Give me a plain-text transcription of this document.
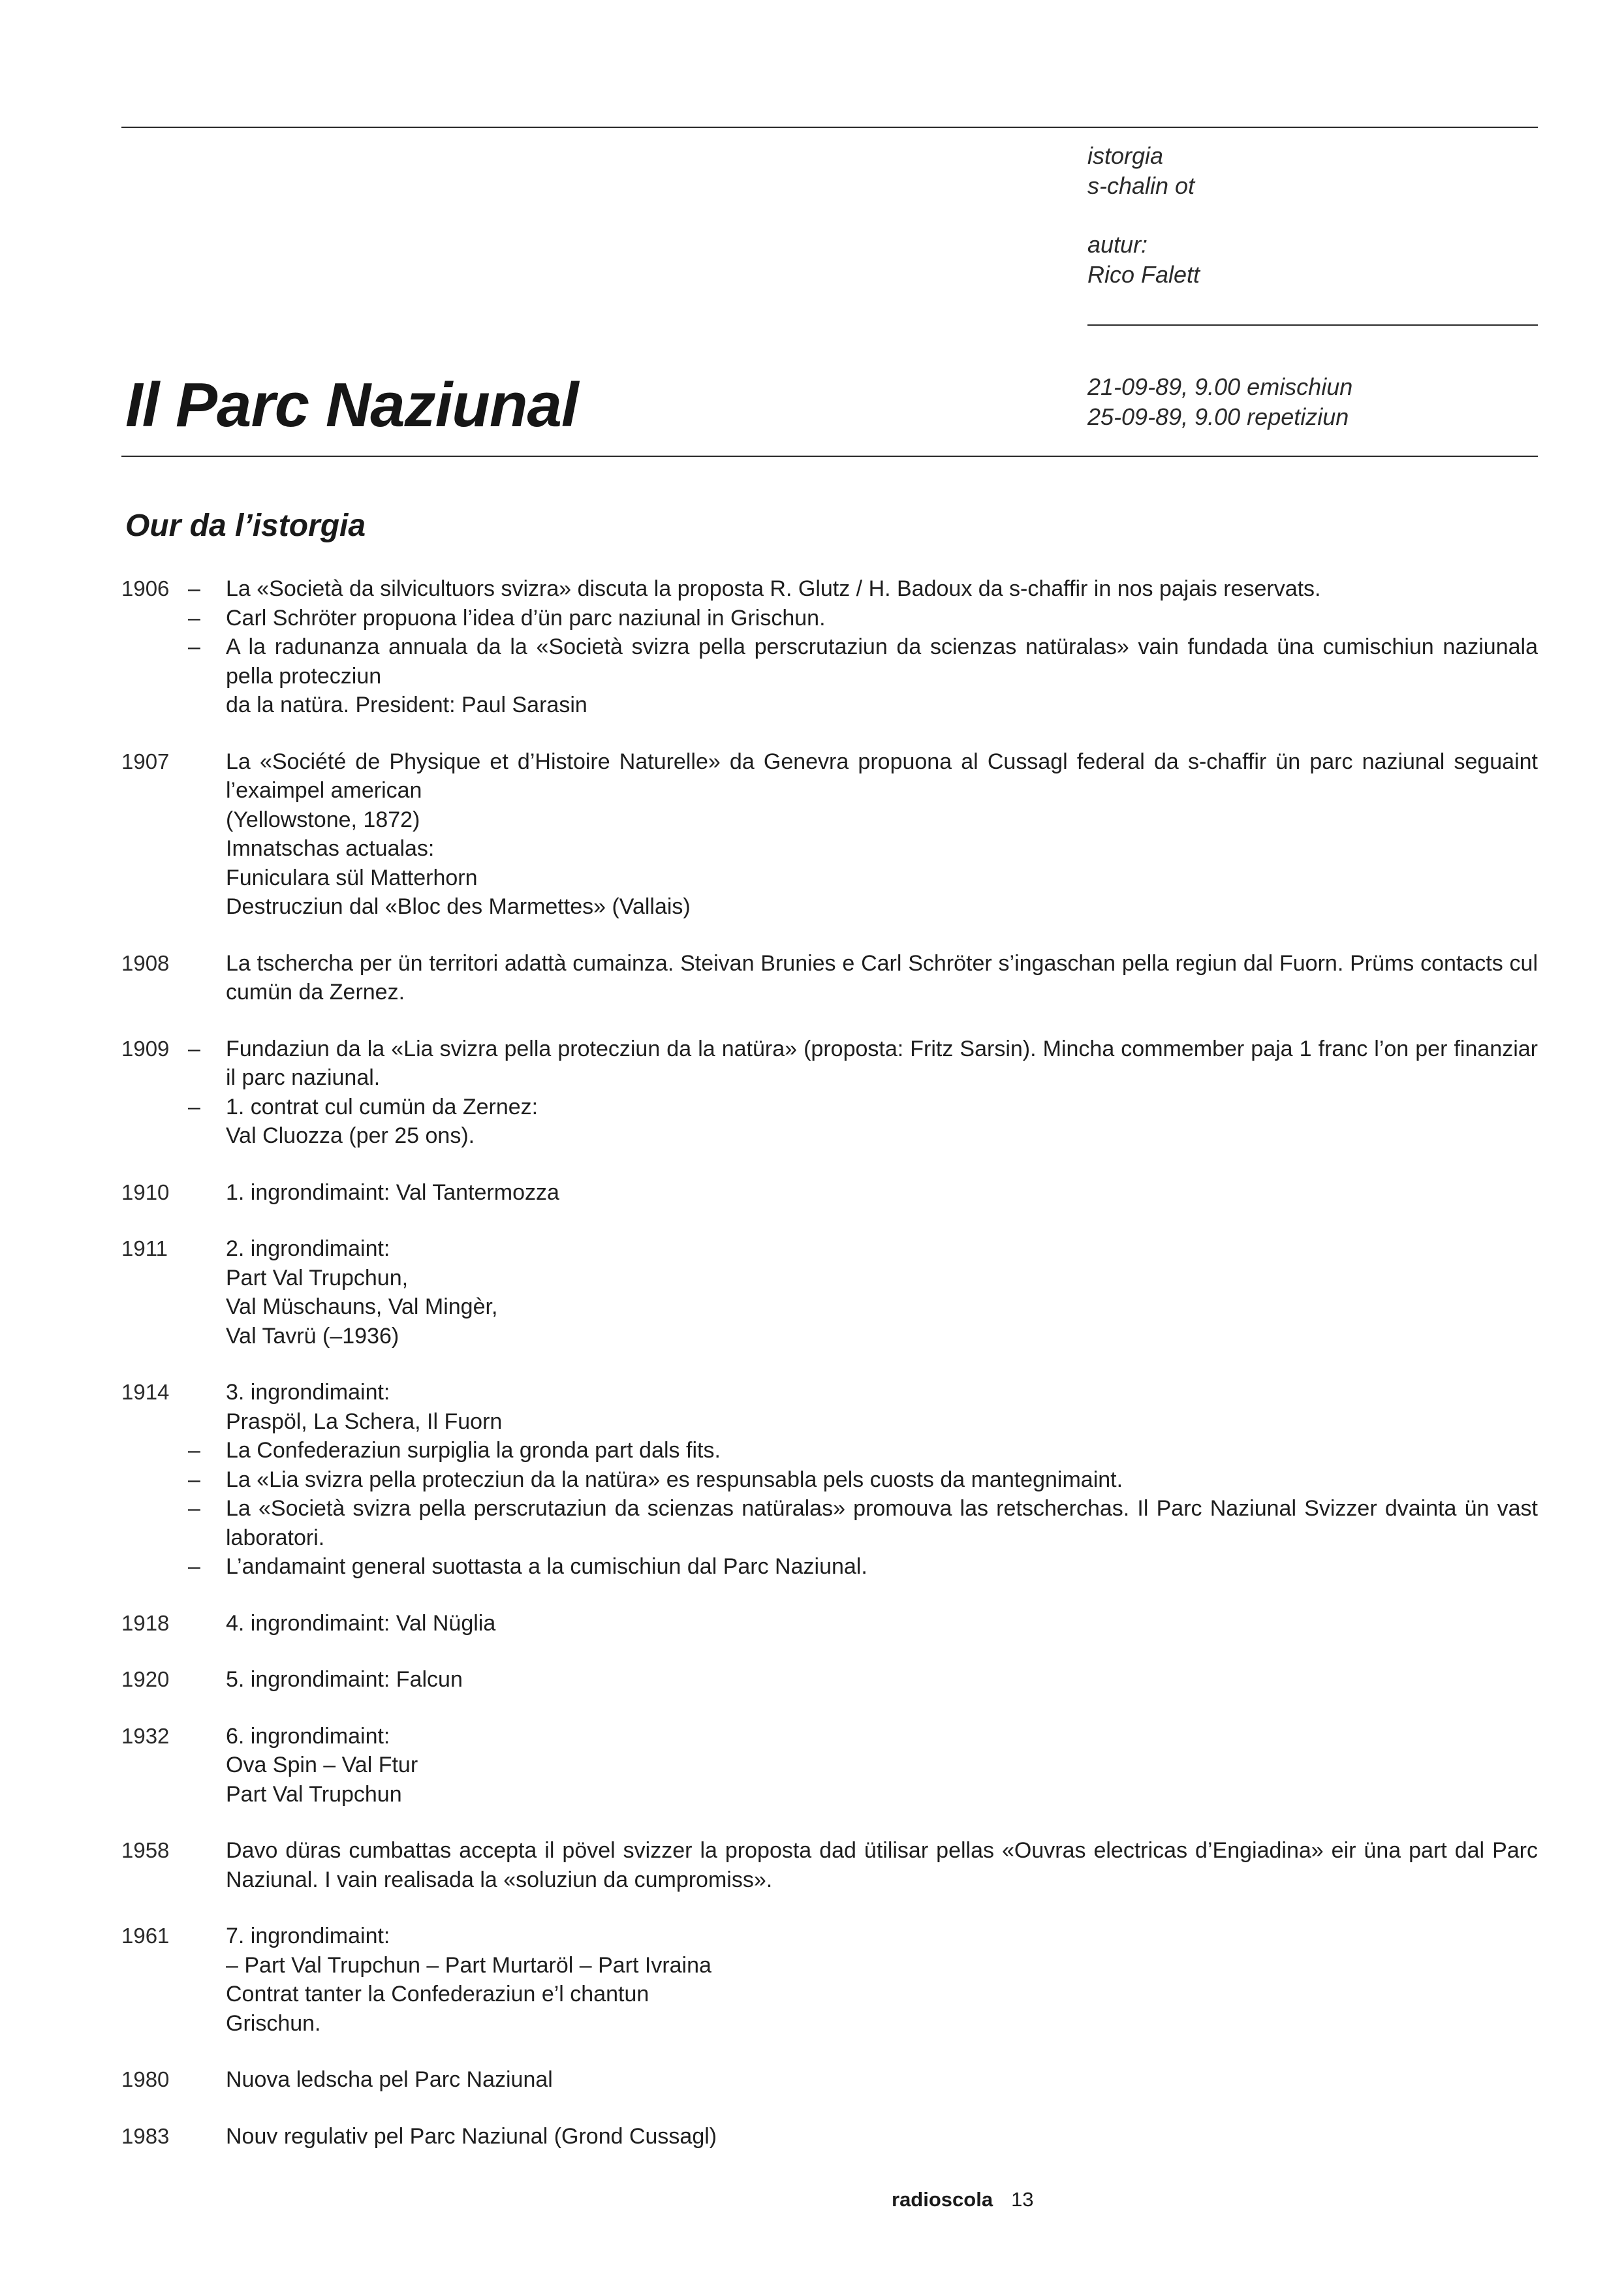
istorgia
s-chalin ot
autur:
Rico Falett
21-09-89, 9.00 emischiun
25-09-89, 9.00 repetiziun
Il Parc Naziunal
Our da l’istorgia
1906 – La «Società da silvicultuors svizra» discuta la proposta R. Glutz / H. Badoux da s-chaffir in nos pajais reservats.
– Carl Schröter propuona l’idea d’ün parc naziunal in Grischun.
– A la radunanza annuala da la «Società svizra pella perscrutaziun da scienzas natüralas» vain fundada üna cumischiun naziunala pella protecziun
da la natüra. President: Paul Sarasin
1907	La «Société de Physique et d’Histoire Naturelle» da Genevra propuona al Cussagl federal da s-chaffir ün parc naziunal seguaint l’exaimpel american
(Yellowstone, 1872)
Imnatschas actualas:
Funiculara sül Matterhorn
Destrucziun dal «Bloc des Marmettes» (Vallais)
1908	La tschercha per ün territori adattà cumainza. Steivan Brunies e Carl Schröter s’ingaschan pella regiun dal Fuorn. Prüms contacts cul cumün da Zernez.
1909 – Fundaziun da la «Lia svizra pella protecziun da la natüra» (proposta: Fritz Sarsin). Mincha commember paja 1 franc l’on per finanziar il parc naziunal.
– 1. contrat cul cumün da Zernez:
Val Cluozza (per 25 ons).
1910	1. ingrondimaint: Val Tantermozza
1911	2. ingrondimaint:
Part Val Trupchun,
Val Müschauns, Val Mingèr,
Val Tavrü (–1936)
1914	3. ingrondimaint:
Praspöl, La Schera, Il Fuorn
– La Confederaziun surpiglia la gronda part dals fits.
– La «Lia svizra pella protecziun da la natüra» es respunsabla pels cuosts da mantegnimaint.
– La «Società svizra pella perscrutaziun da scienzas natüralas» promouva las retscherchas. Il Parc Naziunal Svizzer dvainta ün vast laboratori.
– L’andamaint general suottasta a la cumischiun dal Parc Naziunal.
1918	4. ingrondimaint: Val Nüglia
1920	5. ingrondimaint: Falcun
1932	6. ingrondimaint:
Ova Spin – Val Ftur
Part Val Trupchun
1958	Davo düras cumbattas accepta il pövel svizzer la proposta dad ütilisar pellas «Ouvras electricas d’Engiadina» eir üna part dal Parc Naziunal. I vain realisada la «soluziun da cumpromiss».
1961	7. ingrondimaint:
– Part Val Trupchun – Part Murtaröl – Part Ivraina
Contrat tanter la Confederaziun e’l chantun
Grischun.
1980	Nuova ledscha pel Parc Naziunal
1983	Nouv regulativ pel Parc Naziunal (Grond Cussagl)
radioscola 13
